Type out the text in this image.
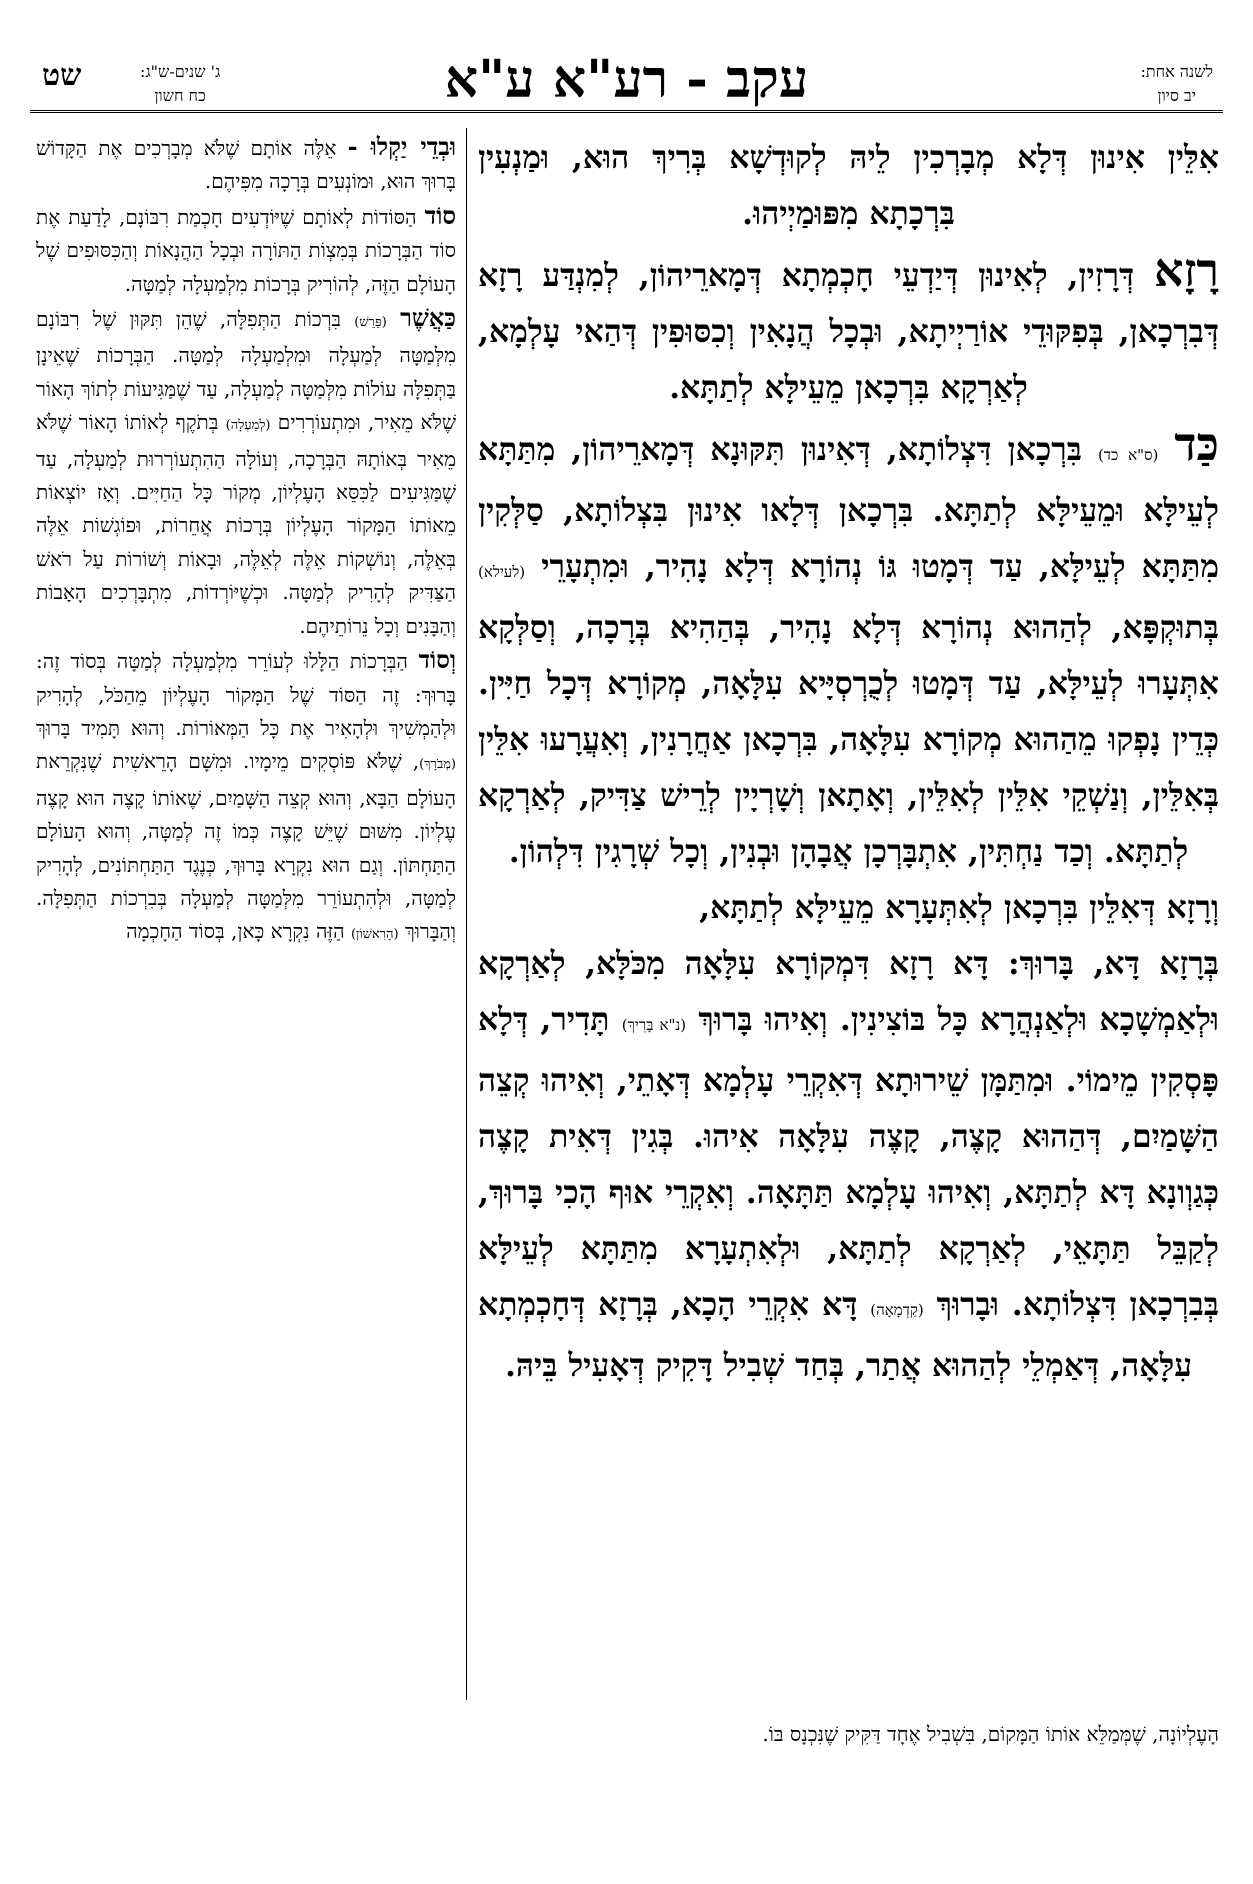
שט	ג' שנים-ש"ג:
כח חשון	עקב - רע"א ע"א	לשנה אחת:
יב סיון

אִלֵּין אִינוּן דְּלָא מְבָרְכִין לֵיהּ לְקוּדְשָׁא בְּרִיךְ הוּא, וּמַנְעִין בִּרְכָתָא מִפּוּמַיְיהוּ.

רָזָא דְּרָזִין, לְאִינוּן דְּיַדְעֵי חָכְמְתָא דְּמָארֵיהוֹן, לְמִנְדַּע רָזָא דְּבִרְכָאן, בְּפִקּוּדֵי אוֹרַיְיתָא, וּבְכָל הֲנָאִין וְכִסּוּפִין דְּהַאי עָלְמָא, לְאַרְקָא בִּרְכָאן מֵעֵילָּא לְתַתָּא.

כַּד (ס"א כד) בִּרְכָאן דִּצְלוֹתָא, דְּאִינוּן תִּקּוּנָא דְּמָארֵיהוֹן, מִתַּתָּא לְעֵילָּא וּמֵעֵילָּא לְתַתָּא. בִּרְכָאן דְּלָאו אִינוּן בִּצְלוֹתָא, סַלְּקִין מִתַּתָּא לְעֵילָּא, עַד דְּמָטוּ גּוֹ נְהוֹרָא דְּלָא נָהִיר, וּמִתְעָרֵי (לעילא) בְּתוּקְפָּא, לְהַהוּא נְהוֹרָא דְּלָא נָהִיר, בְּהַהִיא בְּרָכָה, וְסַלְּקָא אִתְּעָרוּ לְעֵילָּא, עַד דְּמָטוּ לְכֻרְסְיָּיא עִלָּאָה, מְקוֹרָא דְּכָל חַיִּין. כְּדֵין נָפְקוּ מֵהַהוּא מְקוֹרָא עִלָּאָה, בִּרְכָאן אַחֲרָנִין, וְאִעֲרָעוּ אִלֵּין בְּאִלֵּין, וְנַשְׁקֵי אִלֵּין לְאִלֵּין, וְאָתָאן וְשָׁרְיָין לְרֵישׁ צַדִּיק, לְאַרְקָא לְתַתָּא. וְכַד נַחְתִּין, אִתְבָּרְכָן אֲבָהָן וּבְנִין, וְכָל שְׁרָגִין דִּלְהוֹן.

וְרָזָא דְּאִלֵּין בִּרְכָאן לְאִתְּעָרָא מֵעֵילָּא לְתַתָּא,

בְּרָזָא דָּא, בָּרוּךְ: דָּא רָזָא דִּמְקוֹרָא עִלָּאָה מִכֹּלָּא, לְאַרְקָא וּלְאַמְשָׁכָא וּלְאַנְהֲרָא כָּל בּוֹצִינִין. וְאִיהוּ בָּרוּךְ (נ"א בָּרִיךְ) תָּדִיר, דְּלָא פָּסְקִין מֵימוֹי. וּמִתַּמָּן שֵׁירוּתָא דְּאִקְרֵי עָלְמָא דְּאָתֵי, וְאִיהוּ קְצֵה הַשָּׁמַיִם, דְּהַהוּא קָצֶה, קָצֶה עִלָּאָה אִיהוּ. בְּגִין דְּאִית קָצֶה כְּגַוְונָא דָּא לְתַתָּא, וְאִיהוּ עָלְמָא תַּתָּאָה. וְאִקְרֵי אוּף הָכִי בָּרוּךְ, לְקַבֵּל תַּתָּאֵי, לְאַרְקָא לְתַתָּא, וּלְאִתְעָרָא מִתַּתָּא לְעֵילָּא בְּבִרְכָאן דִּצְלוֹתָא. וּבָרוּךְ (קַדְמָאָה) דָּא אִקְרֵי הָכָא, בְּרָזָא דְּחָכְמְתָא עִלָּאָה, דְּאַמְלֵי לְהַהוּא אֲתַר, בְּחַד שְׁבִיל דָּקִיק דְּאָעִיל בֵּיהּ.

וּבְדֵי יַקְלוּ - אֵלֶּה אוֹתָם שֶׁלֹּא מְבָרְכִים אֶת הַקָּדוֹשׁ בָּרוּךְ הוּא, וּמוֹנְעִים בְּרָכָה מִפִּיהֶם.

סוֹד הַסּוֹדוֹת לְאוֹתָם שֶׁיּוֹדְעִים חָכְמַת רִבּוֹנָם, לָדַעַת אֶת סוֹד הַבְּרָכוֹת בְּמִצְוֹת הַתּוֹרָה וּבְכָל הַהֲנָאוֹת וְהַכִּסּוּפִים שֶׁל הָעוֹלָם הַזֶּה, לְהוֹרִיק בְּרָכוֹת מִלְמַעְלָה לְמַטָּה.

כַּאֲשֶׁר (פֵּרֵשׁ) בִּרְכוֹת הַתְּפִלָּה, שֶׁהֵן תִּקּוּן שֶׁל רִבּוֹנָם מִלְּמַטָּה לְמַעְלָה וּמִלְמַעְלָה לְמַטָּה. הַבְּרָכוֹת שֶׁאֵינָן בַּתְּפִלָּה עוֹלוֹת מִלְּמַטָּה לְמַעְלָה, עַד שֶׁמַּגִּיעוֹת לְתוֹךְ הָאוֹר שֶׁלֹּא מֵאִיר, וּמִתְעוֹרְרִים (לְמַעְלָה) בְּתֹקֶף לְאוֹתוֹ הָאוֹר שֶׁלֹּא מֵאִיר בְּאוֹתָהּ הַבְּרָכָה, וְעוֹלָה הַהִתְעוֹרְרוּת לְמַעְלָה, עַד שֶׁמַּגִּיעִים לַכִּסֵּא הָעֶלְיוֹן, מְקוֹר כָּל הַחַיִּים. וְאָז יוֹצְאוֹת מֵאוֹתוֹ הַמָּקוֹר הָעֶלְיוֹן בְּרָכוֹת אֲחֵרוֹת, וּפוֹגְשׁוֹת אֵלֶּה בְּאֵלֶּה, וְנוֹשְׁקוֹת אֵלֶּה לְאֵלֶּה, וּבָאוֹת וְשׁוֹרוֹת עַל רֹאשׁ הַצַּדִּיק לְהָרִיק לְמַטָּה. וּכְשֶׁיּוֹרְדוֹת, מִתְבָּרְכִים הָאָבוֹת וְהַבָּנִים וְכָל נֵרוֹתֵיהֶם.

וְסוֹד הַבְּרָכוֹת הַלָּלוּ לְעוֹרֵר מִלְמַעְלָה לְמַטָּה בְּסוֹד זֶה: בָּרוּךְ: זֶה הַסּוֹד שֶׁל הַמָּקוֹר הָעֶלְיוֹן מֵהַכֹּל, לְהָרִיק וּלְהַמְשִׁיךְ וּלְהָאִיר אֶת כָּל הַמְּאוֹרוֹת. וְהוּא תָּמִיד בָּרוּךְ (מְבֹרָךְ), שֶׁלֹּא פּוֹסְקִים מֵימָיו. וּמִשָּׁם הָרֵאשִׁית שֶׁנִּקְרֵאת הָעוֹלָם הַבָּא, וְהוּא קְצֵה הַשָּׁמַיִם, שֶׁאוֹתוֹ קָצֶה הוּא קָצֶה עֶלְיוֹן. מִשּׁוּם שֶׁיֵּשׁ קָצֶה כְּמוֹ זֶה לְמַטָּה, וְהוּא הָעוֹלָם הַתַּחְתּוֹן. וְגַם הוּא נִקְרָא בָּרוּךְ, כְּנֶגֶד הַתַּחְתּוֹנִים, לְהָרִיק לְמַטָּה, וּלְהִתְעוֹרֵר מִלְּמַטָּה לְמַעְלָה בְּבִרְכוֹת הַתְּפִלָּה. וְהַבָּרוּךְ (הָרִאשׁוֹן) הַזֶּה נִקְרָא כָּאן, בְּסוֹד הַחָכְמָה

הָעֶלְיוֹנָה, שֶׁמְּמַלֵּא אוֹתוֹ הַמָּקוֹם, בִּשְׁבִיל אֶחָד דַּקִּיק שֶׁנִּכְנָס בּוֹ.
